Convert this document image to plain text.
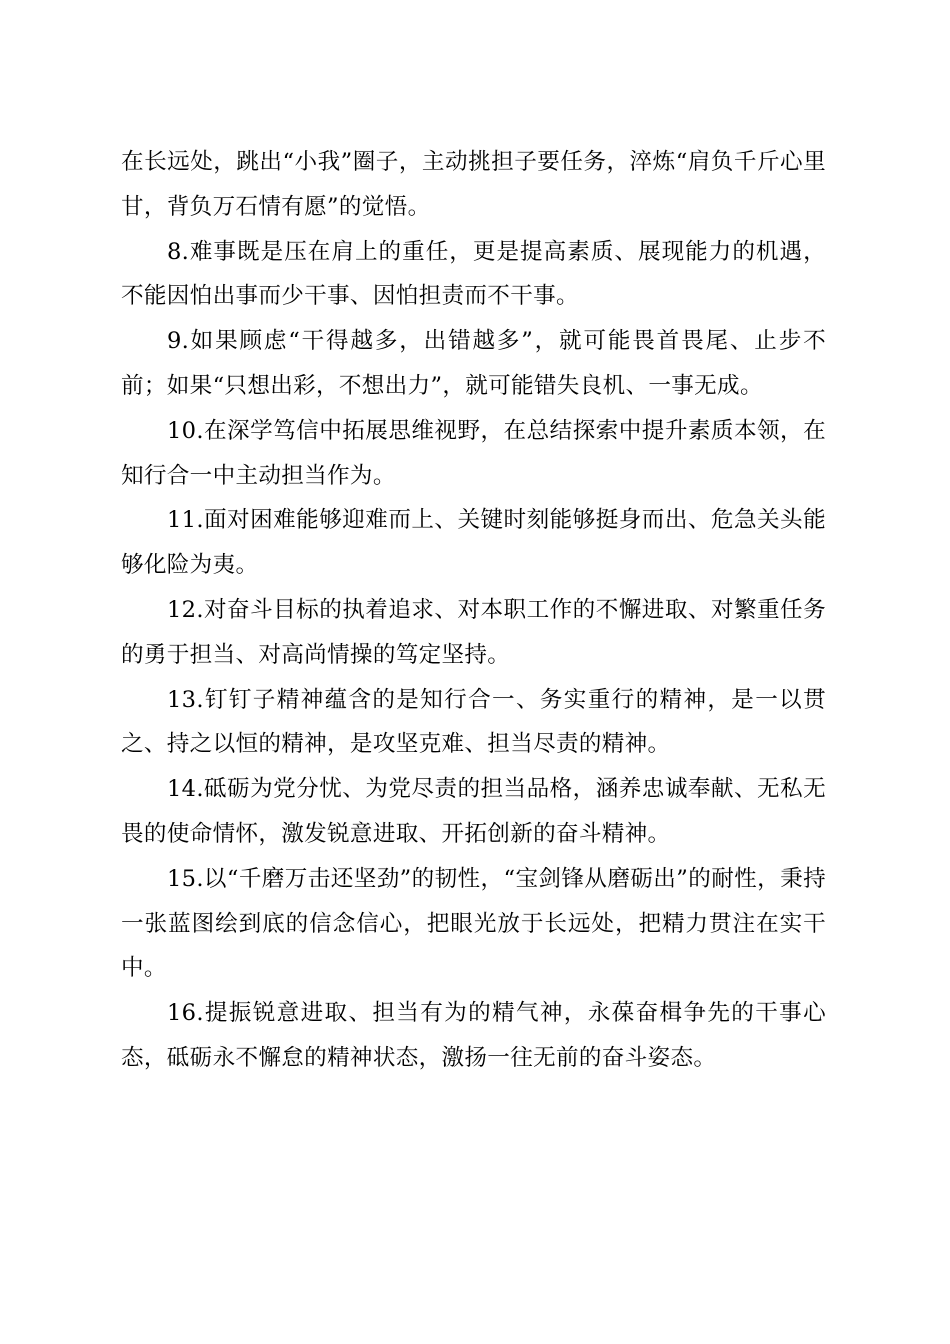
在长远处，跳出“小我”圈子，主动挑担子要任务，淬炼“肩负千斤心里甘，背负万石情有愿”的觉悟。

8.难事既是压在肩上的重任，更是提高素质、展现能力的机遇，不能因怕出事而少干事、因怕担责而不干事。

9.如果顾虑“干得越多，出错越多”，就可能畏首畏尾、止步不前；如果“只想出彩，不想出力”，就可能错失良机、一事无成。

10.在深学笃信中拓展思维视野，在总结探索中提升素质本领，在知行合一中主动担当作为。

11.面对困难能够迎难而上、关键时刻能够挺身而出、危急关头能够化险为夷。

12.对奋斗目标的执着追求、对本职工作的不懈进取、对繁重任务的勇于担当、对高尚情操的笃定坚持。

13.钉钉子精神蕴含的是知行合一、务实重行的精神，是一以贯之、持之以恒的精神，是攻坚克难、担当尽责的精神。

14.砥砺为党分忧、为党尽责的担当品格，涵养忠诚奉献、无私无畏的使命情怀，激发锐意进取、开拓创新的奋斗精神。

15.以“千磨万击还坚劲”的韧性，“宝剑锋从磨砺出”的耐性，秉持一张蓝图绘到底的信念信心，把眼光放于长远处，把精力贯注在实干中。

16.提振锐意进取、担当有为的精气神，永葆奋楫争先的干事心态，砥砺永不懈怠的精神状态，激扬一往无前的奋斗姿态。
